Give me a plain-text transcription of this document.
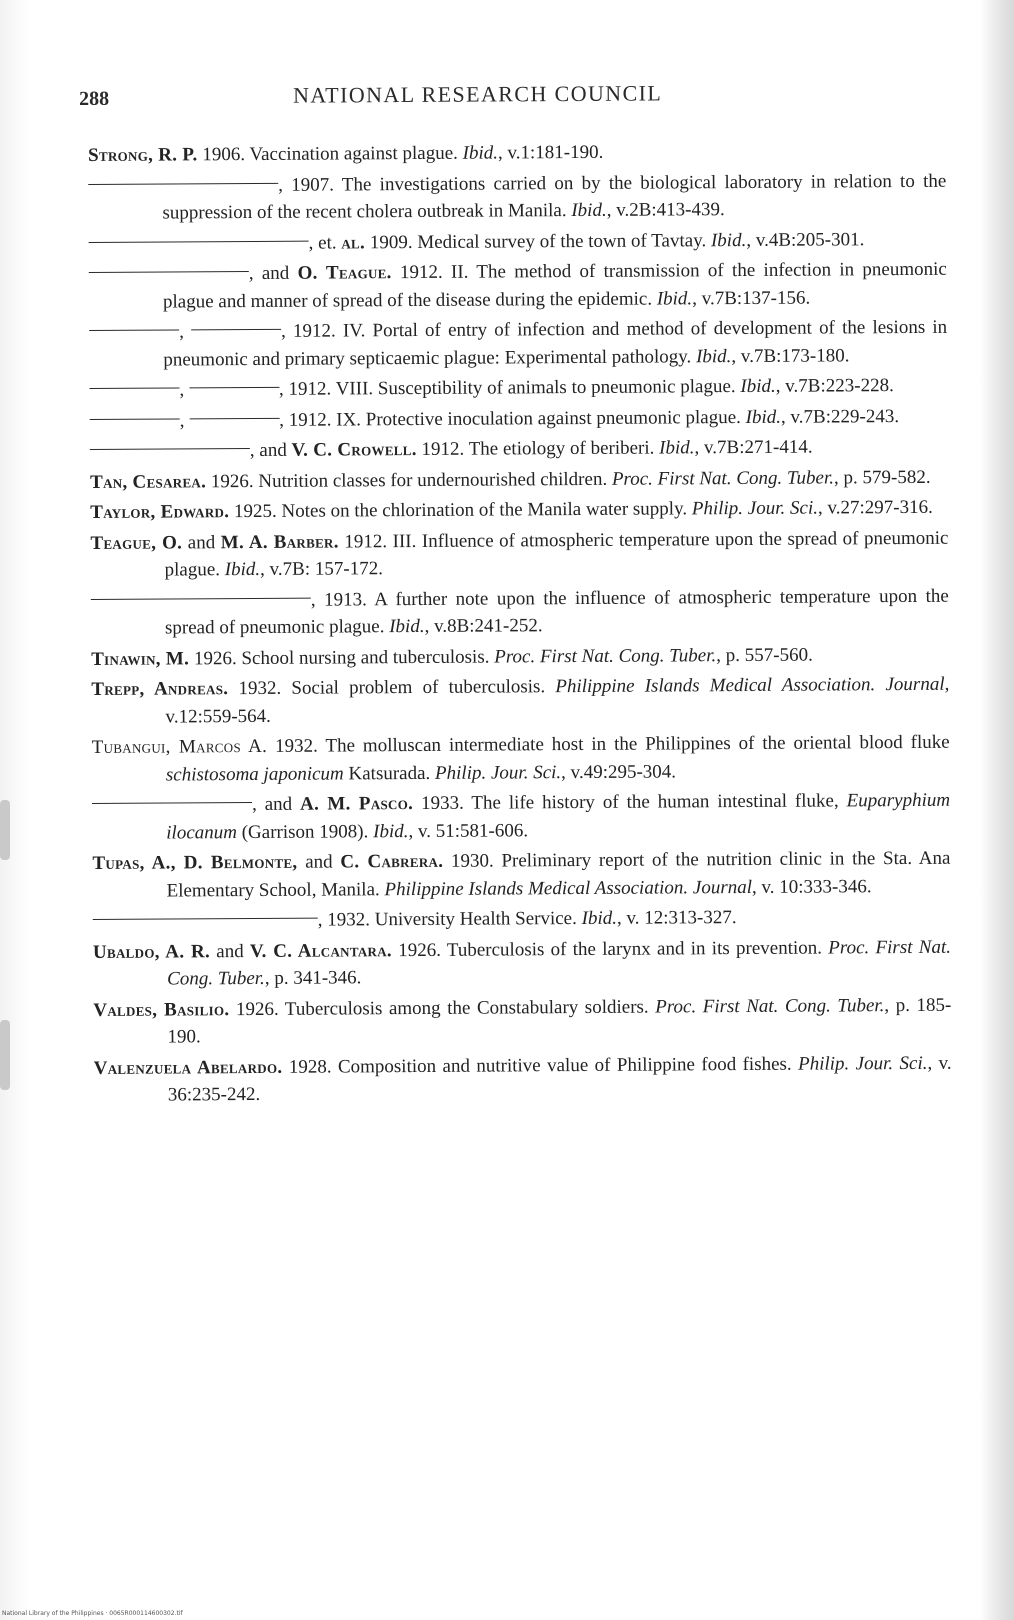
288	NATIONAL RESEARCH COUNCIL

Strong, R. P. 1906. Vaccination against plague. Ibid., v.1:181-190.

, 1907. The investigations carried on by the biological laboratory in relation to the suppression of the recent cholera outbreak in Manila. Ibid., v.2B:413-439.

, et. al. 1909. Medical survey of the town of Tavtay. Ibid., v.4B:205-301.

, and O. Teague. 1912. II. The method of transmission of the infection in pneumonic plague and manner of spread of the disease during the epidemic. Ibid., v.7B:137-156.

,	, 1912. IV. Portal of entry of infection and method of development of the lesions in pneumonic and primary septicaemic plague: Experimental pathology. Ibid., v.7B:173-180.

,	, 1912. VIII. Susceptibility of animals to pneumonic plague. Ibid., v.7B:223-228.

,	, 1912. IX. Protective inoculation against pneumonic plague. Ibid., v.7B:229-243.

, and V. C. Crowell. 1912. The etiology of beriberi. Ibid., v.7B:271-414.

Tan, Cesarea. 1926. Nutrition classes for undernourished children. Proc. First Nat. Cong. Tuber., p. 579-582.

Taylor, Edward. 1925. Notes on the chlorination of the Manila water supply. Philip. Jour. Sci., v.27:297-316.

Teague, O. and M. A. Barber. 1912. III. Influence of atmospheric temperature upon the spread of pneumonic plague. Ibid., v.7B: 157-172.

, 1913. A further note upon the influence of atmospheric temperature upon the spread of pneumonic plague. Ibid., v.8B:241-252.

Tinawin, M. 1926. School nursing and tuberculosis. Proc. First Nat. Cong. Tuber., p. 557-560.

Trepp, Andreas. 1932. Social problem of tuberculosis. Philippine Islands Medical Association. Journal, v.12:559-564.

Tubangui, Marcos A. 1932. The molluscan intermediate host in the Philippines of the oriental blood fluke schistosoma japonicum Katsurada. Philip. Jour. Sci., v.49:295-304.

, and A. M. Pasco. 1933. The life history of the human intestinal fluke, Euparyphium ilocanum (Garrison 1908). Ibid., v. 51:581-606.

Tupas, A., D. Belmonte, and C. Cabrera. 1930. Preliminary report of the nutrition clinic in the Sta. Ana Elementary School, Manila. Philippine Islands Medical Association. Journal, v. 10:333-346.

, 1932. University Health Service. Ibid., v. 12:313-327.

Ubaldo, A. R. and V. C. Alcantara. 1926. Tuberculosis of the larynx and in its prevention. Proc. First Nat. Cong. Tuber., p. 341-346.

Valdes, Basilio. 1926. Tuberculosis among the Constabulary soldiers. Proc. First Nat. Cong. Tuber., p. 185-190.

Valenzuela Abelardo. 1928. Composition and nutritive value of Philippine food fishes. Philip. Jour. Sci., v. 36:235-242.

National Library of the Philippines · 0065R000114600302.tif
